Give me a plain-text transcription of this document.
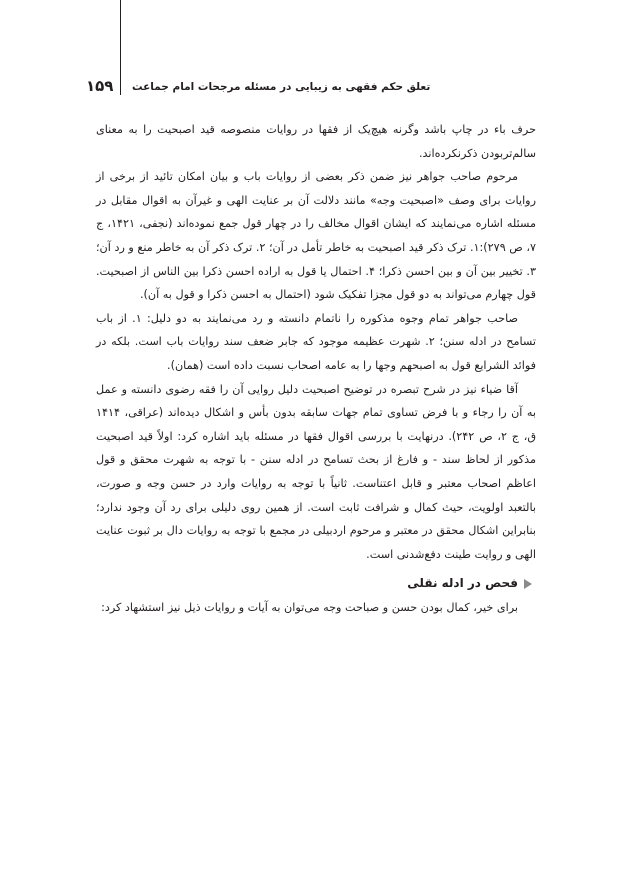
تعلق حکم فقهی به زیبایی در مسئله مرجحات امام جماعت
۱۵۹

حرف باء در چاپ باشد وگرنه هیچ‌یک از فقها در روایات منصوصه قید اصبحیت را به معنای سالم‌تربودن ذکرنکرده‌اند.

مرحوم صاحب جواهر نیز ضمن ذکر بعضی از روایات باب و بیان امکان تائید از برخی از روایات برای وصف «اصبحیت وجه» مانند دلالت آن بر عنایت الهی و غیرآن به اقوال مقابل در مسئله اشاره می‌نمایند که ایشان اقوال مخالف را در چهار قول جمع نموده‌اند (نجفی، ۱۴۲۱، ج ۷، ص ۲۷۹):۱. ترک ذکر قید اصبحیت به خاطر تأمل در آن؛ ۲. ترک ذکر آن به خاطر منع و رد آن؛ ۳. تخییر بین آن و بین احسن ذکرا؛ ۴. احتمال یا قول به اراده احسن ذکرا بین الناس از اصبحیت. قول چهارم می‌تواند به دو قول مجزا تفکیک شود (احتمال به احسن ذکرا و قول به آن).

صاحب جواهر تمام وجوه مذکوره را ناتمام دانسته و رد می‌نمایند به دو دلیل: ۱. از باب تسامح در ادله سنن؛ ۲. شهرت عظیمه موجود که جابر ضعف سند روایات باب است. بلکه در فوائد الشرایع قول به اصبحهم وجها را به عامه اصحاب نسبت داده است (همان).

آقا ضیاء نیز در شرح تبصره در توضیح اصبحیت دلیل روایی آن را فقه رضوی دانسته و عمل به آن را رجاء و با فرض تساوی تمام جهات سابقه بدون بأس و اشکال دیده‌اند (عراقی، ۱۴۱۴ ق، ج ۲، ص ۲۴۲). درنهایت با بررسی اقوال فقها در مسئله باید اشاره کرد: اولاً قید اصبحیت مذکور از لحاظ سند - و فارغ از بحث تسامح در ادله سنن - با توجه به شهرت محقق و قول اعاظم اصحاب معتبر و قابل اعتناست. ثانیاً با توجه به روایات وارد در حسن وجه و صورت، بالتعبد اولویت، حیث کمال و شرافت ثابت است. از همین روی دلیلی برای رد آن وجود ندارد؛ بنابراین اشکال محقق در معتبر و مرحوم اردبیلی در مجمع با توجه به روایات دال بر ثبوت عنایت الهی و روایت طینت دفع‌شدنی است.

فحص در ادله نقلی

برای خیر، کمال بودن حسن و صباحت وجه می‌توان به آیات و روایات ذیل نیز استشهاد کرد:
